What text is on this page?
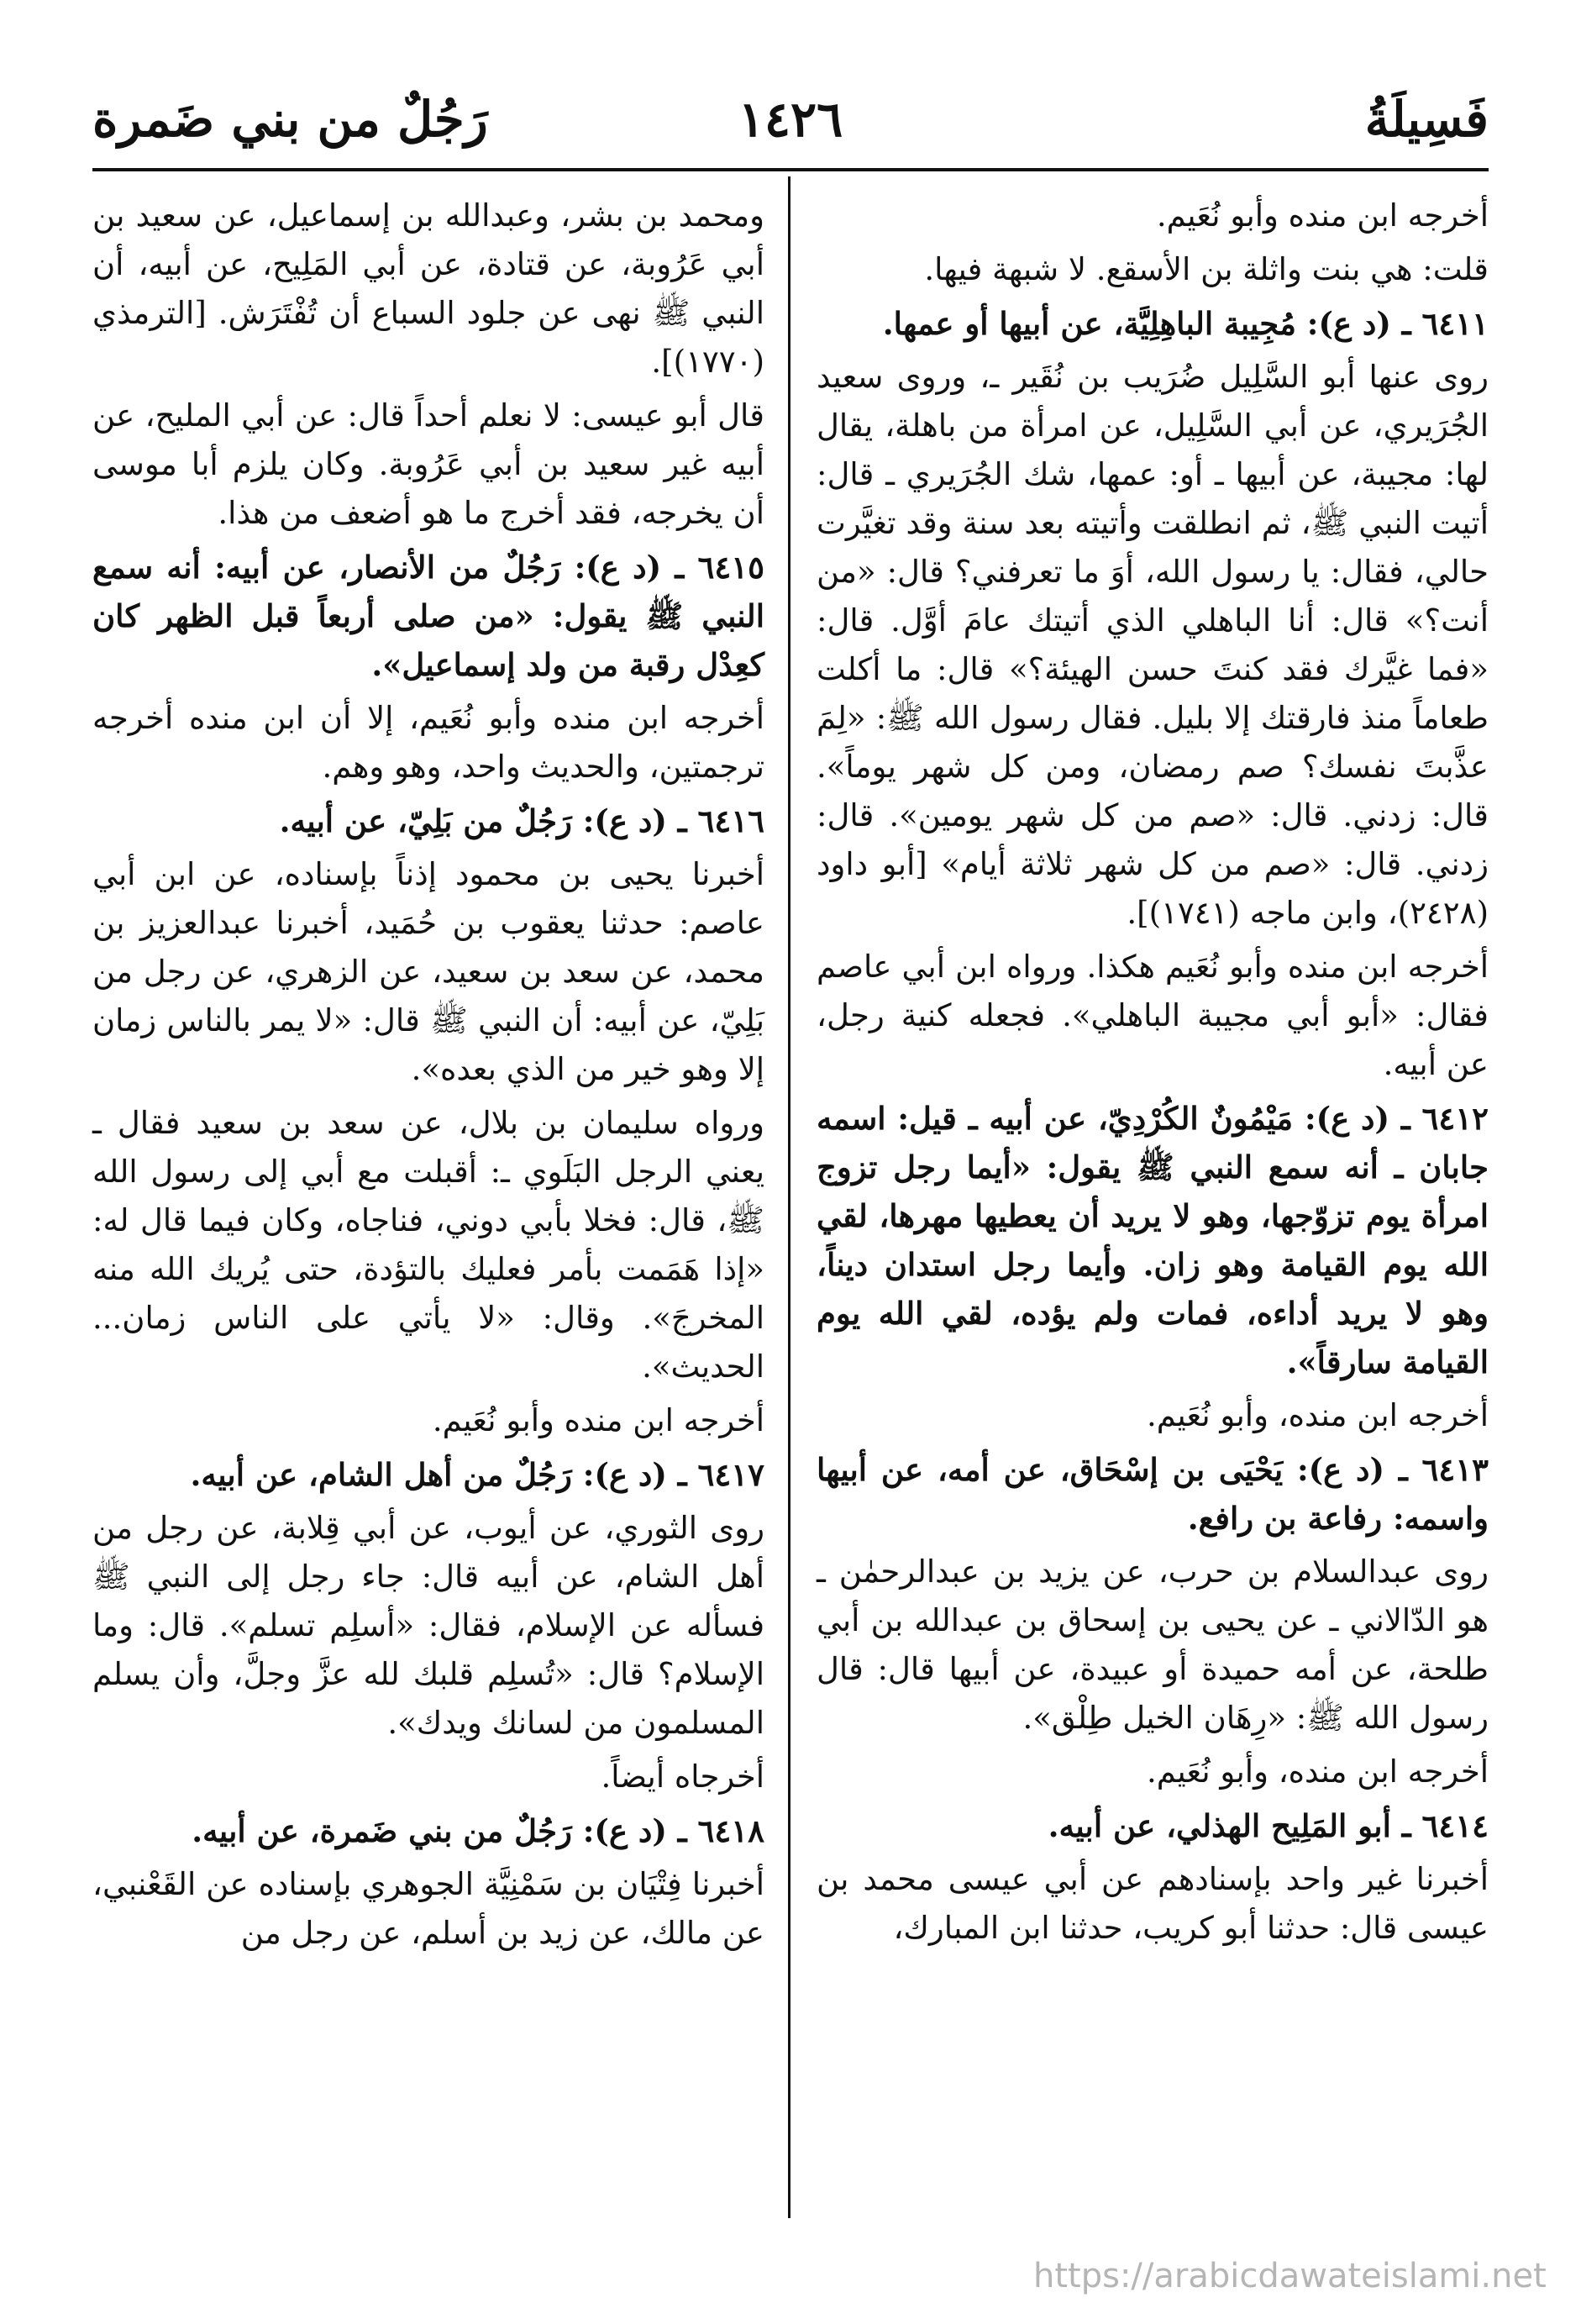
فَسِيلَةُ
١٤٢٦
رَجُلٌ من بني ضَمرة

أخرجه ابن منده وأبو نُعَيم.

قلت: هي بنت واثلة بن الأسقع. لا شبهة فيها.

٦٤١١ ـ (د ع): مُجِيبة الباهِلِيَّة، عن أبيها أو عمها.

روى عنها أبو السَّلِيل ضُرَيب بن نُقَير ـ، وروى سعيد الجُرَيري، عن أبي السَّلِيل، عن امرأة من باهلة، يقال لها: مجيبة، عن أبيها ـ أو: عمها، شك الجُرَيري ـ قال: أتيت النبي ﷺ، ثم انطلقت وأتيته بعد سنة وقد تغيَّرت حالي، فقال: يا رسول الله، أوَ ما تعرفني؟ قال: «من أنت؟» قال: أنا الباهلي الذي أتيتك عامَ أوَّل. قال: «فما غيَّرك فقد كنتَ حسن الهيئة؟» قال: ما أكلت طعاماً منذ فارقتك إلا بليل. فقال رسول الله ﷺ: «لِمَ عذَّبتَ نفسك؟ صم رمضان، ومن كل شهر يوماً». قال: زدني. قال: «صم من كل شهر يومين». قال: زدني. قال: «صم من كل شهر ثلاثة أيام» [أبو داود (٢٤٢٨)، وابن ماجه (١٧٤١)].

أخرجه ابن منده وأبو نُعَيم هكذا. ورواه ابن أبي عاصم فقال: «أبو أبي مجيبة الباهلي». فجعله كنية رجل، عن أبيه.

٦٤١٢ ـ (د ع): مَيْمُونٌ الكُرْدِيّ، عن أبيه ـ قيل: اسمه جابان ـ أنه سمع النبي ﷺ يقول: «أيما رجل تزوج امرأة يوم تزوّجها، وهو لا يريد أن يعطيها مهرها، لقي الله يوم القيامة وهو زان. وأيما رجل استدان ديناً، وهو لا يريد أداءه، فمات ولم يؤده، لقي الله يوم القيامة سارقاً».

أخرجه ابن منده، وأبو نُعَيم.

٦٤١٣ ـ (د ع): يَحْيَى بن إسْحَاق، عن أمه، عن أبيها واسمه: رفاعة بن رافع.

روى عبدالسلام بن حرب، عن يزيد بن عبدالرحمٰن ـ هو الدّالاني ـ عن يحيى بن إسحاق بن عبدالله بن أبي طلحة، عن أمه حميدة أو عبيدة، عن أبيها قال: قال رسول الله ﷺ: «رِهَان الخيل طِلْق».

أخرجه ابن منده، وأبو نُعَيم.

٦٤١٤ ـ أبو المَلِيح الهذلي، عن أبيه.

أخبرنا غير واحد بإسنادهم عن أبي عيسى محمد بن عيسى قال: حدثنا أبو كريب، حدثنا ابن المبارك،

ومحمد بن بشر، وعبدالله بن إسماعيل، عن سعيد بن أبي عَرُوبة، عن قتادة، عن أبي المَلِيح، عن أبيه، أن النبي ﷺ نهى عن جلود السباع أن تُفْتَرَش. [الترمذي (١٧٧٠)].

قال أبو عيسى: لا نعلم أحداً قال: عن أبي المليح، عن أبيه غير سعيد بن أبي عَرُوبة. وكان يلزم أبا موسى أن يخرجه، فقد أخرج ما هو أضعف من هذا.

٦٤١٥ ـ (د ع): رَجُلٌ من الأنصار، عن أبيه: أنه سمع النبي ﷺ يقول: «من صلى أربعاً قبل الظهر كان كعِدْل رقبة من ولد إسماعيل».

أخرجه ابن منده وأبو نُعَيم، إلا أن ابن منده أخرجه ترجمتين، والحديث واحد، وهو وهم.

٦٤١٦ ـ (د ع): رَجُلٌ من بَلِيّ، عن أبيه.

أخبرنا يحيى بن محمود إذناً بإسناده، عن ابن أبي عاصم: حدثنا يعقوب بن حُمَيد، أخبرنا عبدالعزيز بن محمد، عن سعد بن سعيد، عن الزهري، عن رجل من بَلِيّ، عن أبيه: أن النبي ﷺ قال: «لا يمر بالناس زمان إلا وهو خير من الذي بعده».

ورواه سليمان بن بلال، عن سعد بن سعيد فقال ـ يعني الرجل البَلَوي ـ: أقبلت مع أبي إلى رسول الله ﷺ، قال: فخلا بأبي دوني، فناجاه، وكان فيما قال له: «إذا هَمَمت بأمر فعليك بالتؤدة، حتى يُريك الله منه المخرجَ». وقال: «لا يأتي على الناس زمان... الحديث».

أخرجه ابن منده وأبو نُعَيم.

٦٤١٧ ـ (د ع): رَجُلٌ من أهل الشام، عن أبيه.

روى الثوري، عن أيوب، عن أبي قِلابة، عن رجل من أهل الشام، عن أبيه قال: جاء رجل إلى النبي ﷺ فسأله عن الإسلام، فقال: «أسلِم تسلم». قال: وما الإسلام؟ قال: «تُسلِم قلبك لله عزَّ وجلَّ، وأن يسلم المسلمون من لسانك ويدك».

أخرجاه أيضاً.

٦٤١٨ ـ (د ع): رَجُلٌ من بني ضَمرة، عن أبيه.

أخبرنا فِتْيَان بن سَمْنِيَّة الجوهري بإسناده عن القَعْنبي، عن مالك، عن زيد بن أسلم، عن رجل من

https://arabicdawateislami.net
